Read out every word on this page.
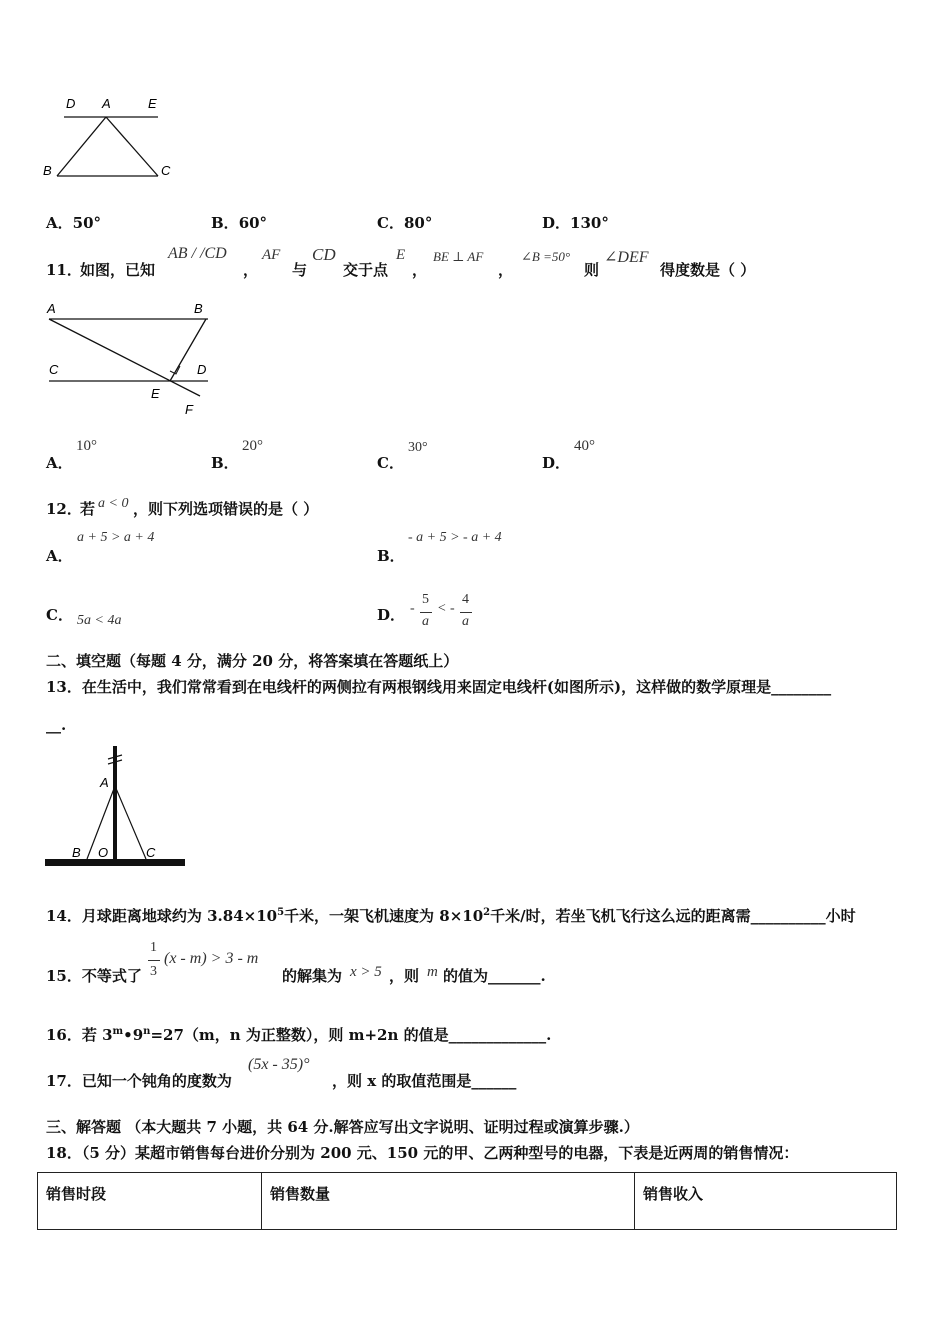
D A	E
B	C
A．50°	B．60°	C．80°	D．130°
11．
如图，已知
AB / /CD
，
AF
与
CD
交于点
E
，
BE ⊥ AF
，
∠B =50°
则
∠DEF
得度数是（ ）
A	B
C	D
E
F
A．
10°
B．
20°
C．
30°
D．
40°
12．
若 a < 0 ，则下列选项错误的是（ ）
A．
a + 5 > a + 4
B．
- a + 5 > - a + 4
C． 5a < 4a	D． -
5
a
< -
4
a
二、填空题（每题 4 分，满分 20 分，将答案填在答题纸上）
13．在生活中，我们常常看到在电线杆的两侧拉有两根钢线用来固定电线杆(如图所示)，这样做的数学原理是________
__.
A
B O	C
14．月球距离地球约为 $3.84\times 10^5$千米，一架飞机速度为 $8\times 10^2$千米/时，若坐飞机飞行这么远的距离需__________小时
15．不等式了
1
3
(x - m) > 3 - m
的解集为 x > 5 ，则 m 的值为_______.
16．若 $3^m•9^n=27(m$，n 为正整数），则 m+2n 的值是_____________.
17．已知一个钝角的度数为
(5x - 35)°
，则 x 的取值范围是______
三、解答题 （本大题共 7 小题，共 64 分.解答应写出文字说明、证明过程或演算步骤.）
18．（5 分）某超市销售每台进价分别为 200 元、150 元的甲、乙两种型号的电器，下表是近两周的销售情况：
销售时段	销售数量	销售收入
